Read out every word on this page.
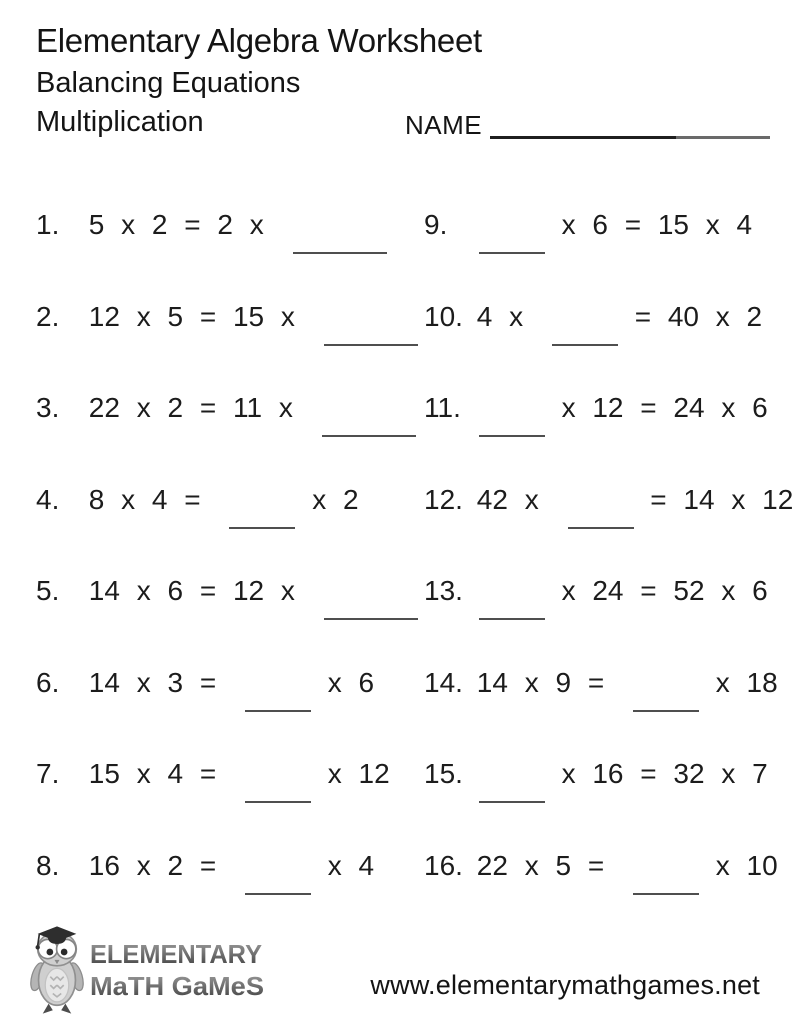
Elementary Algebra Worksheet
Balancing Equations
Multiplication	NAME
1. 5 x 2 = 2 x
2. 12 x 5 = 15 x
3. 22 x 2 = 11 x
4. 8 x 4 =	x 2
5. 14 x 6 = 12 x
6. 14 x 3 =	x 6
7. 15 x 4 =	x 12
8. 16 x 2 =	x 4
9.	x 6 = 15 x 4
10. 4 x	= 40 x 2
11.	x 12 = 24 x 6
12. 42 x	= 14 x 12
13.	x 24 = 52 x 6
14. 14 x 9 =	x 18
15.	x 16 = 32 x 7
16. 22 x 5 =	x 10
ELEMENTARY
MaTH GaMeS	www.elementarymathgames.net
